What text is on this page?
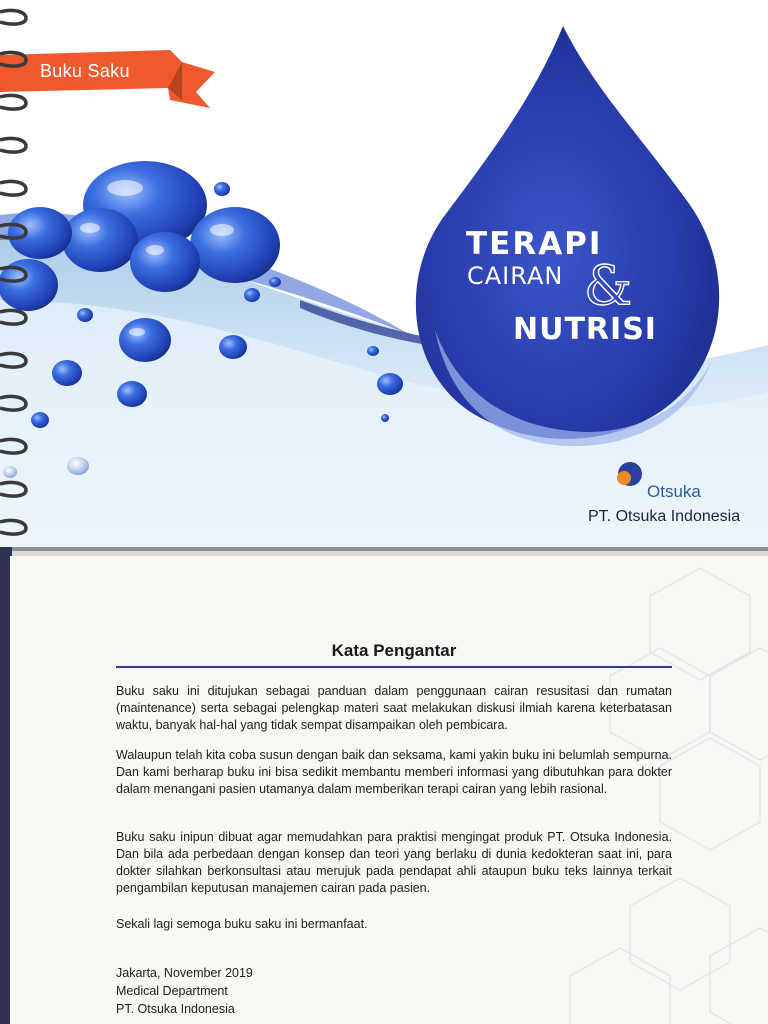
Buku Saku
TERAPI
CAIRAN &
NUTRISI
Otsuka
PT. Otsuka Indonesia
Kata Pengantar

Buku saku ini ditujukan sebagai panduan dalam penggunaan cairan resusitasi dan rumatan (maintenance) serta sebagai pelengkap materi saat melakukan diskusi ilmiah karena keterbatasan waktu, banyak hal-hal yang tidak sempat disampaikan oleh pembicara.

Walaupun telah kita coba susun dengan baik dan seksama, kami yakin buku ini belumlah sempurna. Dan kami berharap buku ini bisa sedikit membantu memberi informasi yang dibutuhkan para dokter dalam menangani pasien utamanya dalam memberikan terapi cairan yang lebih rasional.

Buku saku inipun dibuat agar memudahkan para praktisi mengingat produk PT. Otsuka Indonesia. Dan bila ada perbedaan dengan konsep dan teori yang berlaku di dunia kedokteran saat ini, para dokter silahkan berkonsultasi atau merujuk pada pendapat ahli ataupun buku teks lainnya terkait pengambilan keputusan manajemen cairan pada pasien.

Sekali lagi semoga buku saku ini bermanfaat.

Jakarta, November 2019
Medical Department
PT. Otsuka Indonesia
